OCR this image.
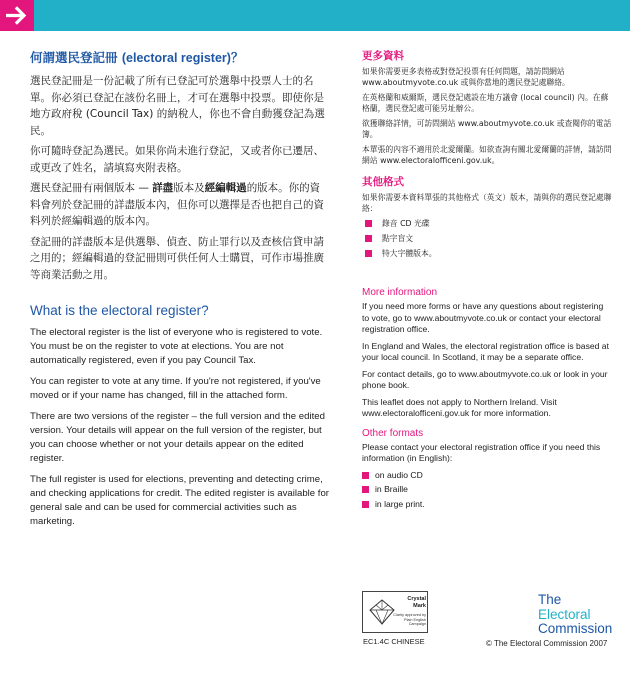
何謂選民登記冊 (electoral register)？

選民登記冊是一份記載了所有已登記可於選舉中投票人士的名單。你必須已登記在該份名冊上，才可在選舉中投票。即使你是地方政府稅 (Council Tax) 的納稅人，你也不會自動獲登記為選民。

你可隨時登記為選民。如果你尚未進行登記，又或者你已遷居、或更改了姓名，請填寫夾附表格。

選民登記冊有兩個版本 — 詳盡版本及經編輯過的版本。你的資料會列於登記冊的詳盡版本內，但你可以選擇是否也把自己的資料列於經編輯過的版本內。

登記冊的詳盡版本是供選舉、偵查、防止罪行以及查核信貸申請之用的；經編輯過的登記冊則可供任何人士購買，可作市場推廣等商業活動之用。

What is the electoral register?

The electoral register is the list of everyone who is registered to vote. You must be on the register to vote at elections. You are not automatically registered, even if you pay Council Tax.

You can register to vote at any time. If you're not registered, if you've moved or if your name has changed, fill in the attached form.

There are two versions of the register – the full version and the edited version. Your details will appear on the full version of the register, but you can choose whether or not your details appear on the edited register.

The full register is used for elections, preventing and detecting crime, and checking applications for credit. The edited register is available for general sale and can be used for commercial activities such as marketing.

更多資料

如果你需要更多表格或對登記投票有任何問題，請訪問網站 www.aboutmyvote.co.uk 或與你當地的選民登記處聯絡。

在英格蘭和威爾斯，選民登記處設在地方議會 (local council) 內。在蘇格蘭，選民登記處可能另址辦公。

欲獲聯絡詳情，可訪問網站 www.aboutmyvote.co.uk 或查閱你的電話簿。

本單張的內容不適用於北愛爾蘭。如欲查詢有關北愛爾蘭的詳情，請訪問網站 www.electoralofficeni.gov.uk。

其他格式

如果你需要本資料單張的其他格式（英文）版本，請與你的選民登記處聯絡：

錄音 CD 光碟
點字盲文
特大字體版本。
More information

If you need more forms or have any questions about registering to vote, go to www.aboutmyvote.co.uk or contact your electoral registration office.

In England and Wales, the electoral registration office is based at your local council. In Scotland, it may be a separate office.

For contact details, go to www.aboutmyvote.co.uk or look in your phone book.

This leaflet does not apply to Northern Ireland. Visit www.electoralofficeni.gov.uk for more information.

Other formats

Please contact your electoral registration office if you need this information (in English):

on audio CD
in Braille
in large print.
Crystal Mark
Clarity approved by Plain English Campaign
EC1.4C CHINESE
The
Electoral
Commission
© The Electoral Commission 2007
